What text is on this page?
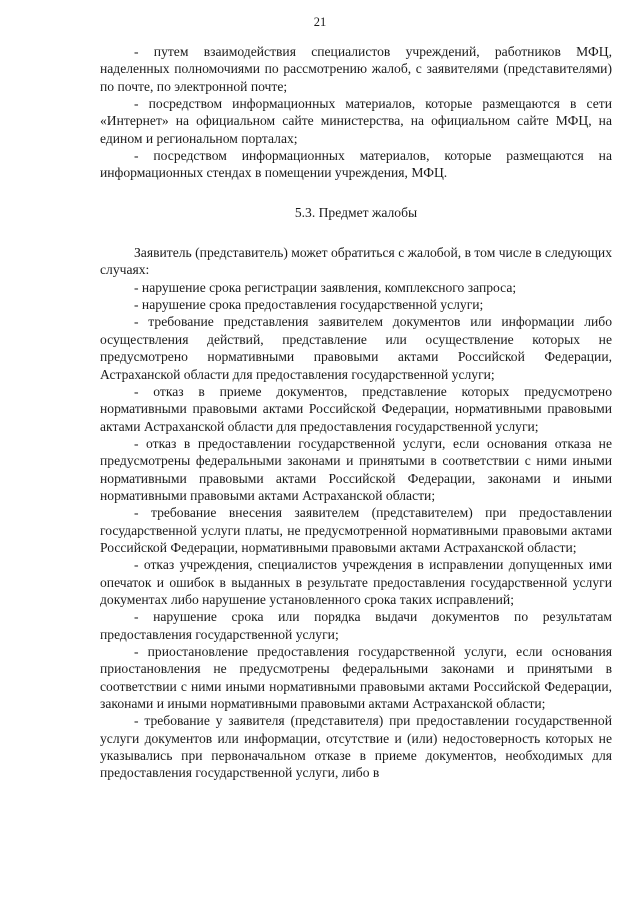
21

- путем взаимодействия специалистов учреждений, работников МФЦ, наделенных полномочиями по рассмотрению жалоб, с заявителями (представителями) по почте, по электронной почте;

- посредством информационных материалов, которые размещаются в сети «Интернет» на официальном сайте министерства, на официальном сайте МФЦ, на едином и региональном порталах;

- посредством информационных материалов, которые размещаются на информационных стендах в помещении учреждения, МФЦ.

5.3. Предмет жалобы

Заявитель (представитель) может обратиться с жалобой, в том числе в следующих случаях:

- нарушение срока регистрации заявления, комплексного запроса;

- нарушение срока предоставления государственной услуги;

- требование представления заявителем документов или информации либо осуществления действий, представление или осуществление которых не предусмотрено нормативными правовыми актами Российской Федерации, Астраханской области для предоставления государственной услуги;

- отказ в приеме документов, представление которых предусмотрено нормативными правовыми актами Российской Федерации, нормативными правовыми актами Астраханской области для предоставления государственной услуги;

- отказ в предоставлении государственной услуги, если основания отказа не предусмотрены федеральными законами и принятыми в соответствии с ними иными нормативными правовыми актами Российской Федерации, законами и иными нормативными правовыми актами Астраханской области;

- требование внесения заявителем (представителем) при предоставлении государственной услуги платы, не предусмотренной нормативными правовыми актами Российской Федерации, нормативными правовыми актами Астраханской области;

- отказ учреждения, специалистов учреждения в исправлении допущенных ими опечаток и ошибок в выданных в результате предоставления государственной услуги документах либо нарушение установленного срока таких исправлений;

- нарушение срока или порядка выдачи документов по результатам предоставления государственной услуги;

- приостановление предоставления государственной услуги, если основания приостановления не предусмотрены федеральными законами и принятыми в соответствии с ними иными нормативными правовыми актами Российской Федерации, законами и иными нормативными правовыми актами Астраханской области;

- требование у заявителя (представителя) при предоставлении государственной услуги документов или информации, отсутствие и (или) недостоверность которых не указывались при первоначальном отказе в приеме документов, необходимых для предоставления государственной услуги, либо в
